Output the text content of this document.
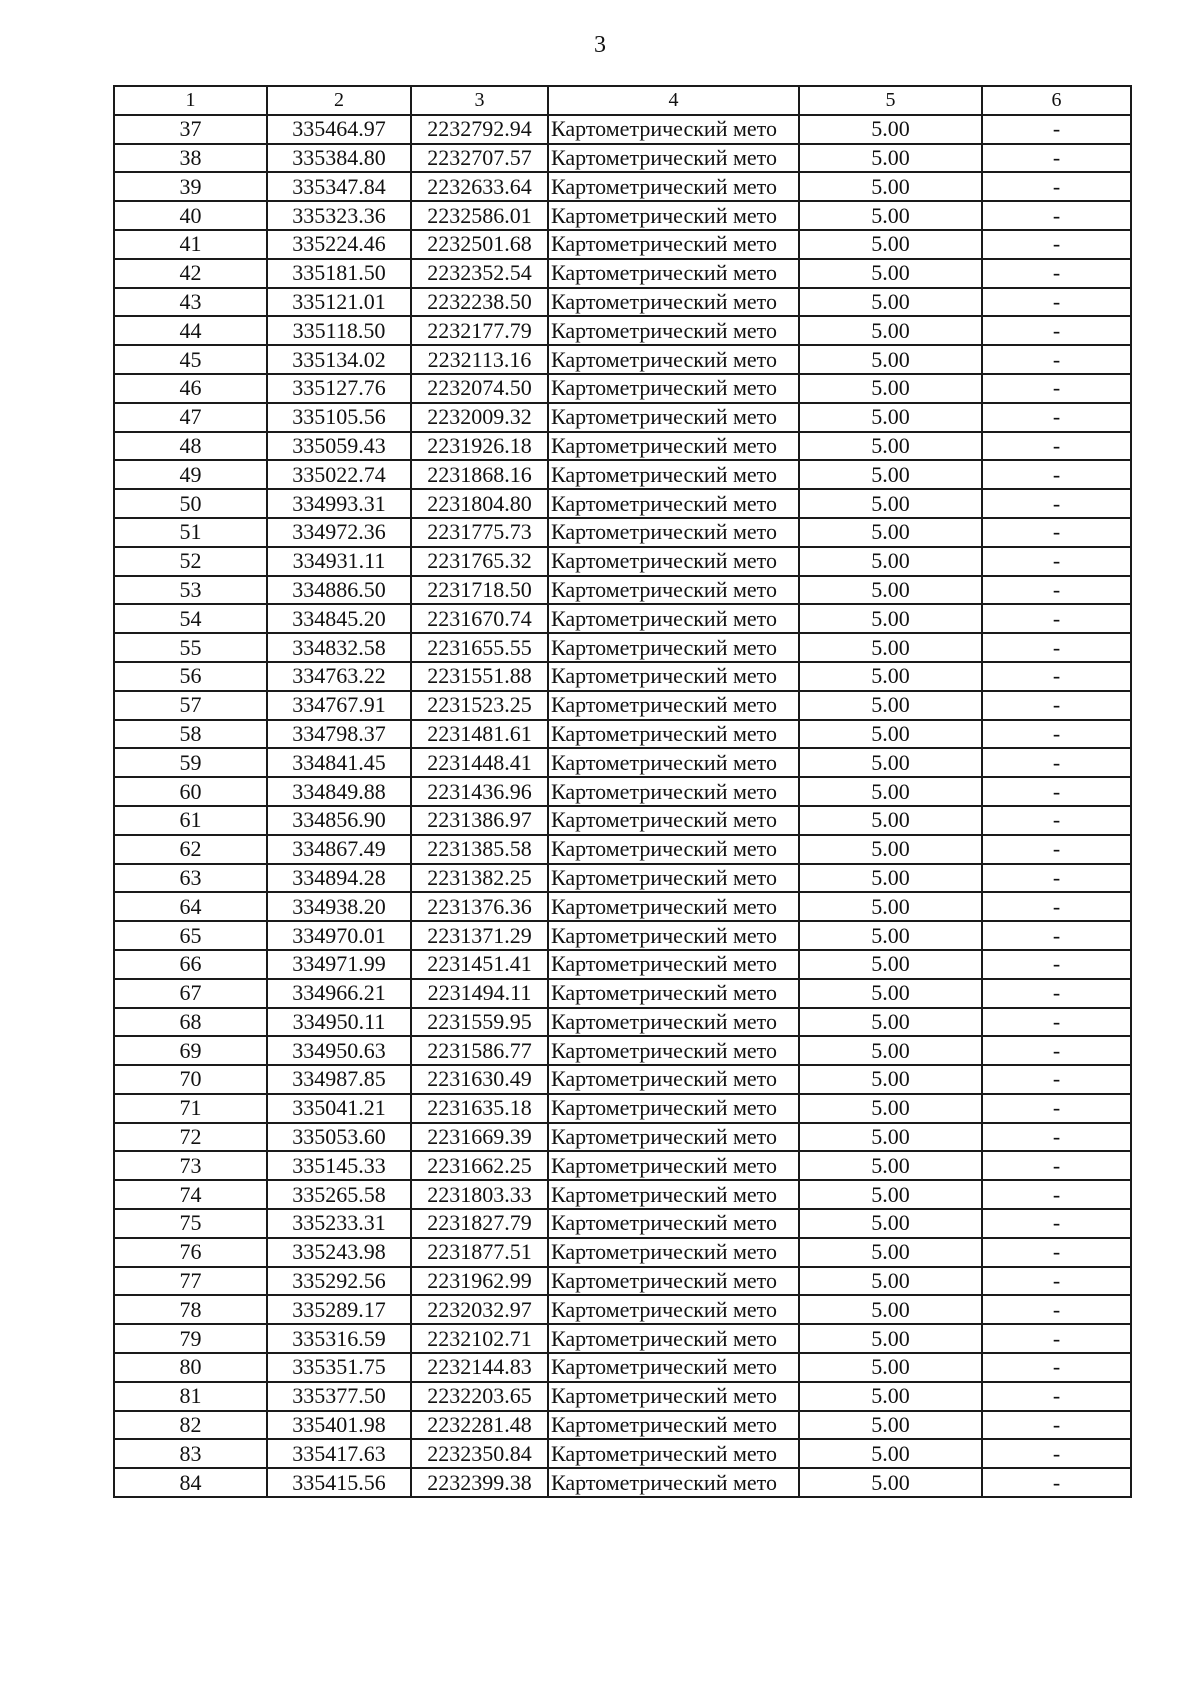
3
1	2	3	4	5	6
37	335464.97	2232792.94	Картометрический мето	5.00	-
38	335384.80	2232707.57	Картометрический мето	5.00	-
39	335347.84	2232633.64	Картометрический мето	5.00	-
40	335323.36	2232586.01	Картометрический мето	5.00	-
41	335224.46	2232501.68	Картометрический мето	5.00	-
42	335181.50	2232352.54	Картометрический мето	5.00	-
43	335121.01	2232238.50	Картометрический мето	5.00	-
44	335118.50	2232177.79	Картометрический мето	5.00	-
45	335134.02	2232113.16	Картометрический мето	5.00	-
46	335127.76	2232074.50	Картометрический мето	5.00	-
47	335105.56	2232009.32	Картометрический мето	5.00	-
48	335059.43	2231926.18	Картометрический мето	5.00	-
49	335022.74	2231868.16	Картометрический мето	5.00	-
50	334993.31	2231804.80	Картометрический мето	5.00	-
51	334972.36	2231775.73	Картометрический мето	5.00	-
52	334931.11	2231765.32	Картометрический мето	5.00	-
53	334886.50	2231718.50	Картометрический мето	5.00	-
54	334845.20	2231670.74	Картометрический мето	5.00	-
55	334832.58	2231655.55	Картометрический мето	5.00	-
56	334763.22	2231551.88	Картометрический мето	5.00	-
57	334767.91	2231523.25	Картометрический мето	5.00	-
58	334798.37	2231481.61	Картометрический мето	5.00	-
59	334841.45	2231448.41	Картометрический мето	5.00	-
60	334849.88	2231436.96	Картометрический мето	5.00	-
61	334856.90	2231386.97	Картометрический мето	5.00	-
62	334867.49	2231385.58	Картометрический мето	5.00	-
63	334894.28	2231382.25	Картометрический мето	5.00	-
64	334938.20	2231376.36	Картометрический мето	5.00	-
65	334970.01	2231371.29	Картометрический мето	5.00	-
66	334971.99	2231451.41	Картометрический мето	5.00	-
67	334966.21	2231494.11	Картометрический мето	5.00	-
68	334950.11	2231559.95	Картометрический мето	5.00	-
69	334950.63	2231586.77	Картометрический мето	5.00	-
70	334987.85	2231630.49	Картометрический мето	5.00	-
71	335041.21	2231635.18	Картометрический мето	5.00	-
72	335053.60	2231669.39	Картометрический мето	5.00	-
73	335145.33	2231662.25	Картометрический мето	5.00	-
74	335265.58	2231803.33	Картометрический мето	5.00	-
75	335233.31	2231827.79	Картометрический мето	5.00	-
76	335243.98	2231877.51	Картометрический мето	5.00	-
77	335292.56	2231962.99	Картометрический мето	5.00	-
78	335289.17	2232032.97	Картометрический мето	5.00	-
79	335316.59	2232102.71	Картометрический мето	5.00	-
80	335351.75	2232144.83	Картометрический мето	5.00	-
81	335377.50	2232203.65	Картометрический мето	5.00	-
82	335401.98	2232281.48	Картометрический мето	5.00	-
83	335417.63	2232350.84	Картометрический мето	5.00	-
84	335415.56	2232399.38	Картометрический мето	5.00	-
